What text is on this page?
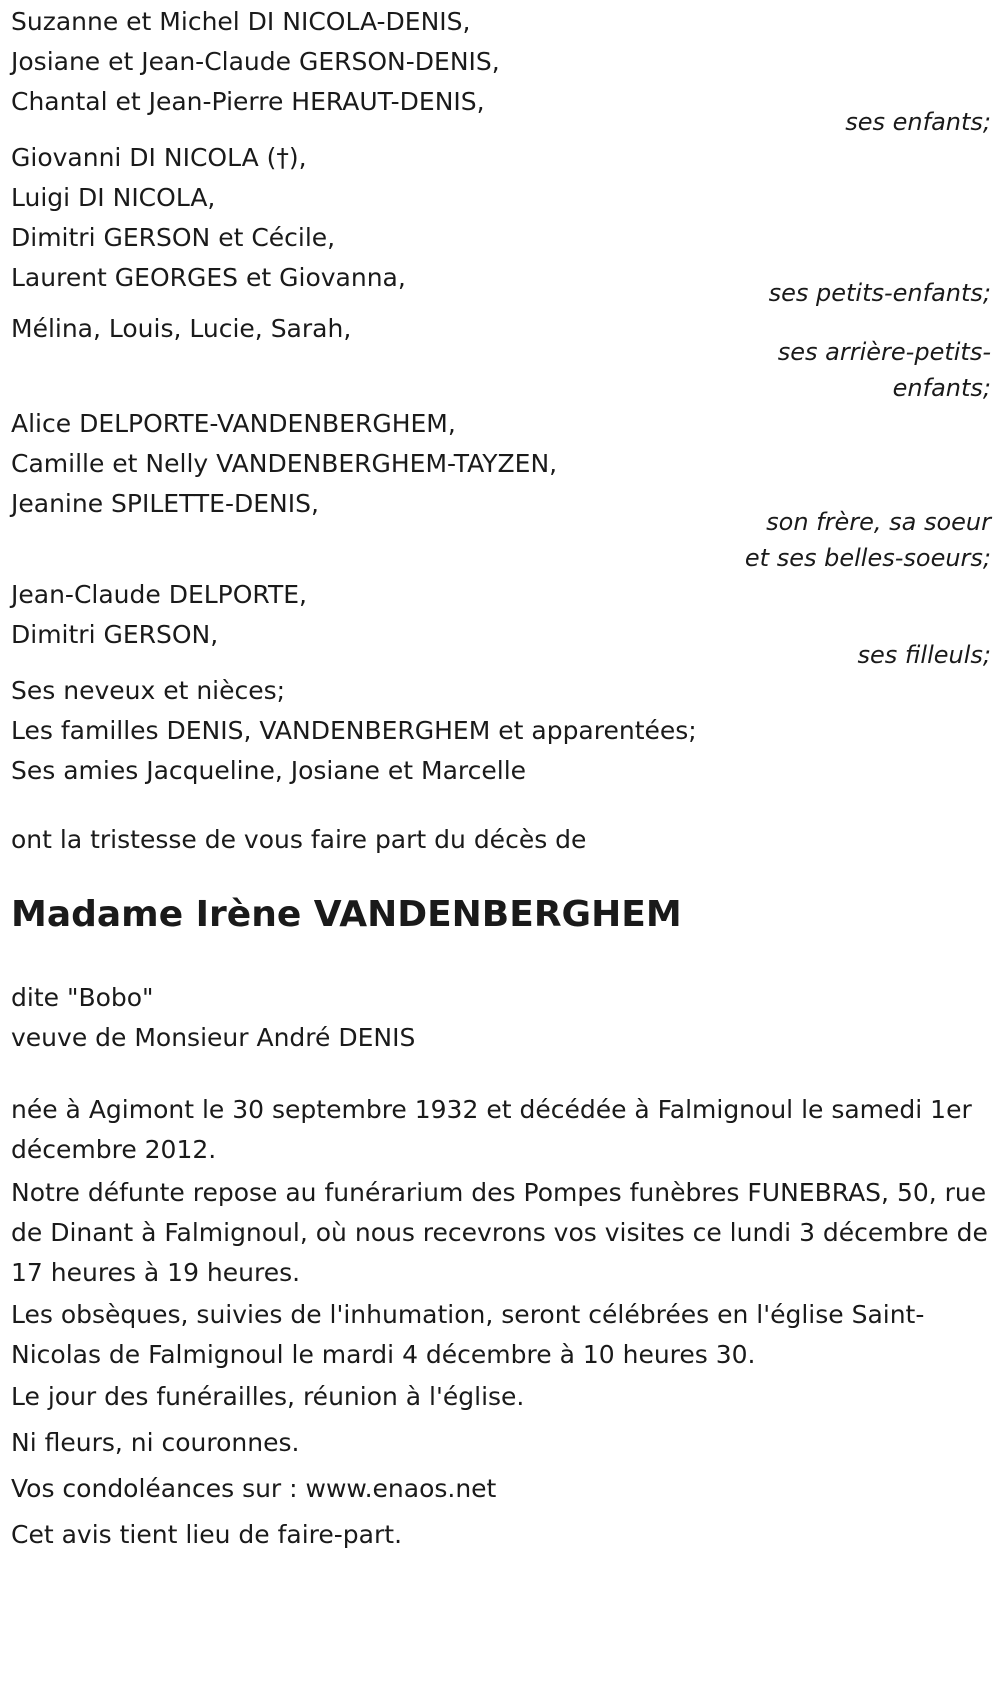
Suzanne et Michel DI NICOLA-DENIS,
Josiane et Jean-Claude GERSON-DENIS,
Chantal et Jean-Pierre HERAUT-DENIS,
ses enfants;
Giovanni DI NICOLA (†),
Luigi DI NICOLA,
Dimitri GERSON et Cécile,
Laurent GEORGES et Giovanna,
ses petits-enfants;
Mélina, Louis, Lucie, Sarah,
ses arrière-petits-
enfants;
Alice DELPORTE-VANDENBERGHEM,
Camille et Nelly VANDENBERGHEM-TAYZEN,
Jeanine SPILETTE-DENIS,
son frère, sa soeur
et ses belles-soeurs;
Jean-Claude DELPORTE,
Dimitri GERSON,
ses filleuls;
Ses neveux et nièces;
Les familles DENIS, VANDENBERGHEM et apparentées;
Ses amies Jacqueline, Josiane et Marcelle
ont la tristesse de vous faire part du décès de
Madame Irène VANDENBERGHEM
dite "Bobo"
veuve de Monsieur André DENIS
née à Agimont le 30 septembre 1932 et décédée à Falmignoul le samedi 1er décembre 2012.
Notre défunte repose au funérarium des Pompes funèbres FUNEBRAS, 50, rue de Dinant à Falmignoul, où nous recevrons vos visites ce lundi 3 décembre de 17 heures à 19 heures.
Les obsèques, suivies de l'inhumation, seront célébrées en l'église Saint-Nicolas de Falmignoul le mardi 4 décembre à 10 heures 30.
Le jour des funérailles, réunion à l'église.
Ni fleurs, ni couronnes.
Vos condoléances sur : www.enaos.net
Cet avis tient lieu de faire-part.
